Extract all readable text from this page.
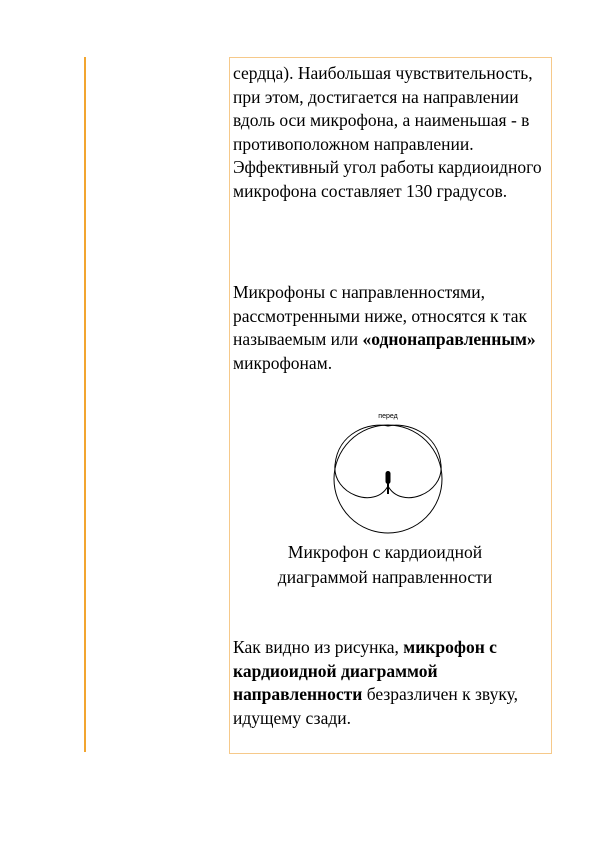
сердца). Наибольшая чувствительность, при этом, достигается на направлении вдоль оси микрофона, а наименьшая - в противоположном направлении. Эффективный угол работы кардиоидного микрофона составляет 130 градусов.

Микрофоны с направленностями, рассмотренными ниже, относятся к так называемым или «однонаправленным» микрофонам.

перед
Микрофон с кардиоидной
диаграммой направленности

Как видно из рисунка, микрофон с кардиоидной диаграммой направленности безразличен к звуку, идущему сзади.
